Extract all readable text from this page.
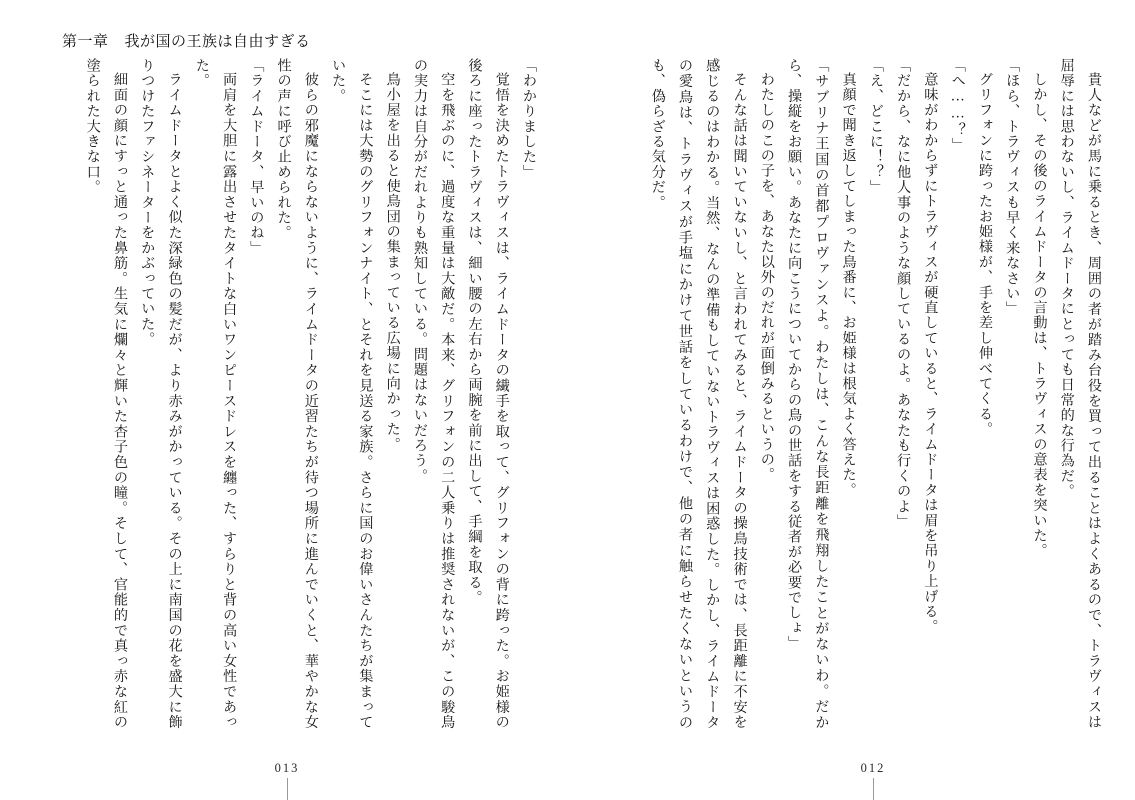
第一章 我が国の王族は自由すぎる

貴人などが馬に乗るとき、周囲の者が踏み台役を買って出ることはよくあるので、トラヴィスは屈辱には思わないし、ライムドータにとっても日常的な行為だ。

しかし、その後のライムドータの言動は、トラヴィスの意表を突いた。

「ほら、トラヴィスも早く来なさい」

グリフォンに跨ったお姫様が、手を差し伸べてくる。

「へ……？」

意味がわからずにトラヴィスが硬直していると、ライムドータは眉を吊り上げる。

「だから、なに他人事のような顔しているのよ。あなたも行くのよ」

「え、どこに！？」

真顔で聞き返してしまった鳥番に、お姫様は根気よく答えた。

「サブリナ王国の首都プロヴァンスよ。わたしは、こんな長距離を飛翔したことがないわ。だから、操縦をお願い。あなたに向こうについてからの鳥の世話をする従者が必要でしょ」

わたしのこの子を、あなた以外のだれが面倒みるというの。

そんな話は聞いていないし、と言われてみると、ライムドータの操鳥技術では、長距離に不安を感じるのはわかる。当然、なんの準備もしていないトラヴィスは困惑した。しかし、ライムドータの愛鳥は、トラヴィスが手塩にかけて世話をしているわけで、他の者に触らせたくないというのも、偽らざる気分だ。

「わかりました」

覚悟を決めたトラヴィスは、ライムドータの繊手を取って、グリフォンの背に跨った。お姫様の後ろに座ったトラヴィスは、細い腰の左右から両腕を前に出して、手綱を取る。

空を飛ぶのに、過度な重量は大敵だ。本来、グリフォンの二人乗りは推奨されないが、この駿鳥の実力は自分がだれよりも熟知している。問題はないだろう。

鳥小屋を出ると使鳥団の集まっている広場に向かった。

そこには大勢のグリフォンナイト、とそれを見送る家族。さらに国のお偉いさんたちが集まっていた。

彼らの邪魔にならないように、ライムドータの近習たちが待つ場所に進んでいくと、華やかな女性の声に呼び止められた。

「ライムドータ、早いのね」

両肩を大胆に露出させたタイトな白いワンピースドレスを纏った、すらりと背の高い女性であった。

ライムドータとよく似た深緑色の髪だが、より赤みがかっている。その上に南国の花を盛大に飾りつけたファシネーターをかぶっていた。

細面の顔にすっと通った鼻筋。生気に爛々と輝いた杏子色の瞳。そして、官能的で真っ赤な紅の塗られた大きな口。

012
013
